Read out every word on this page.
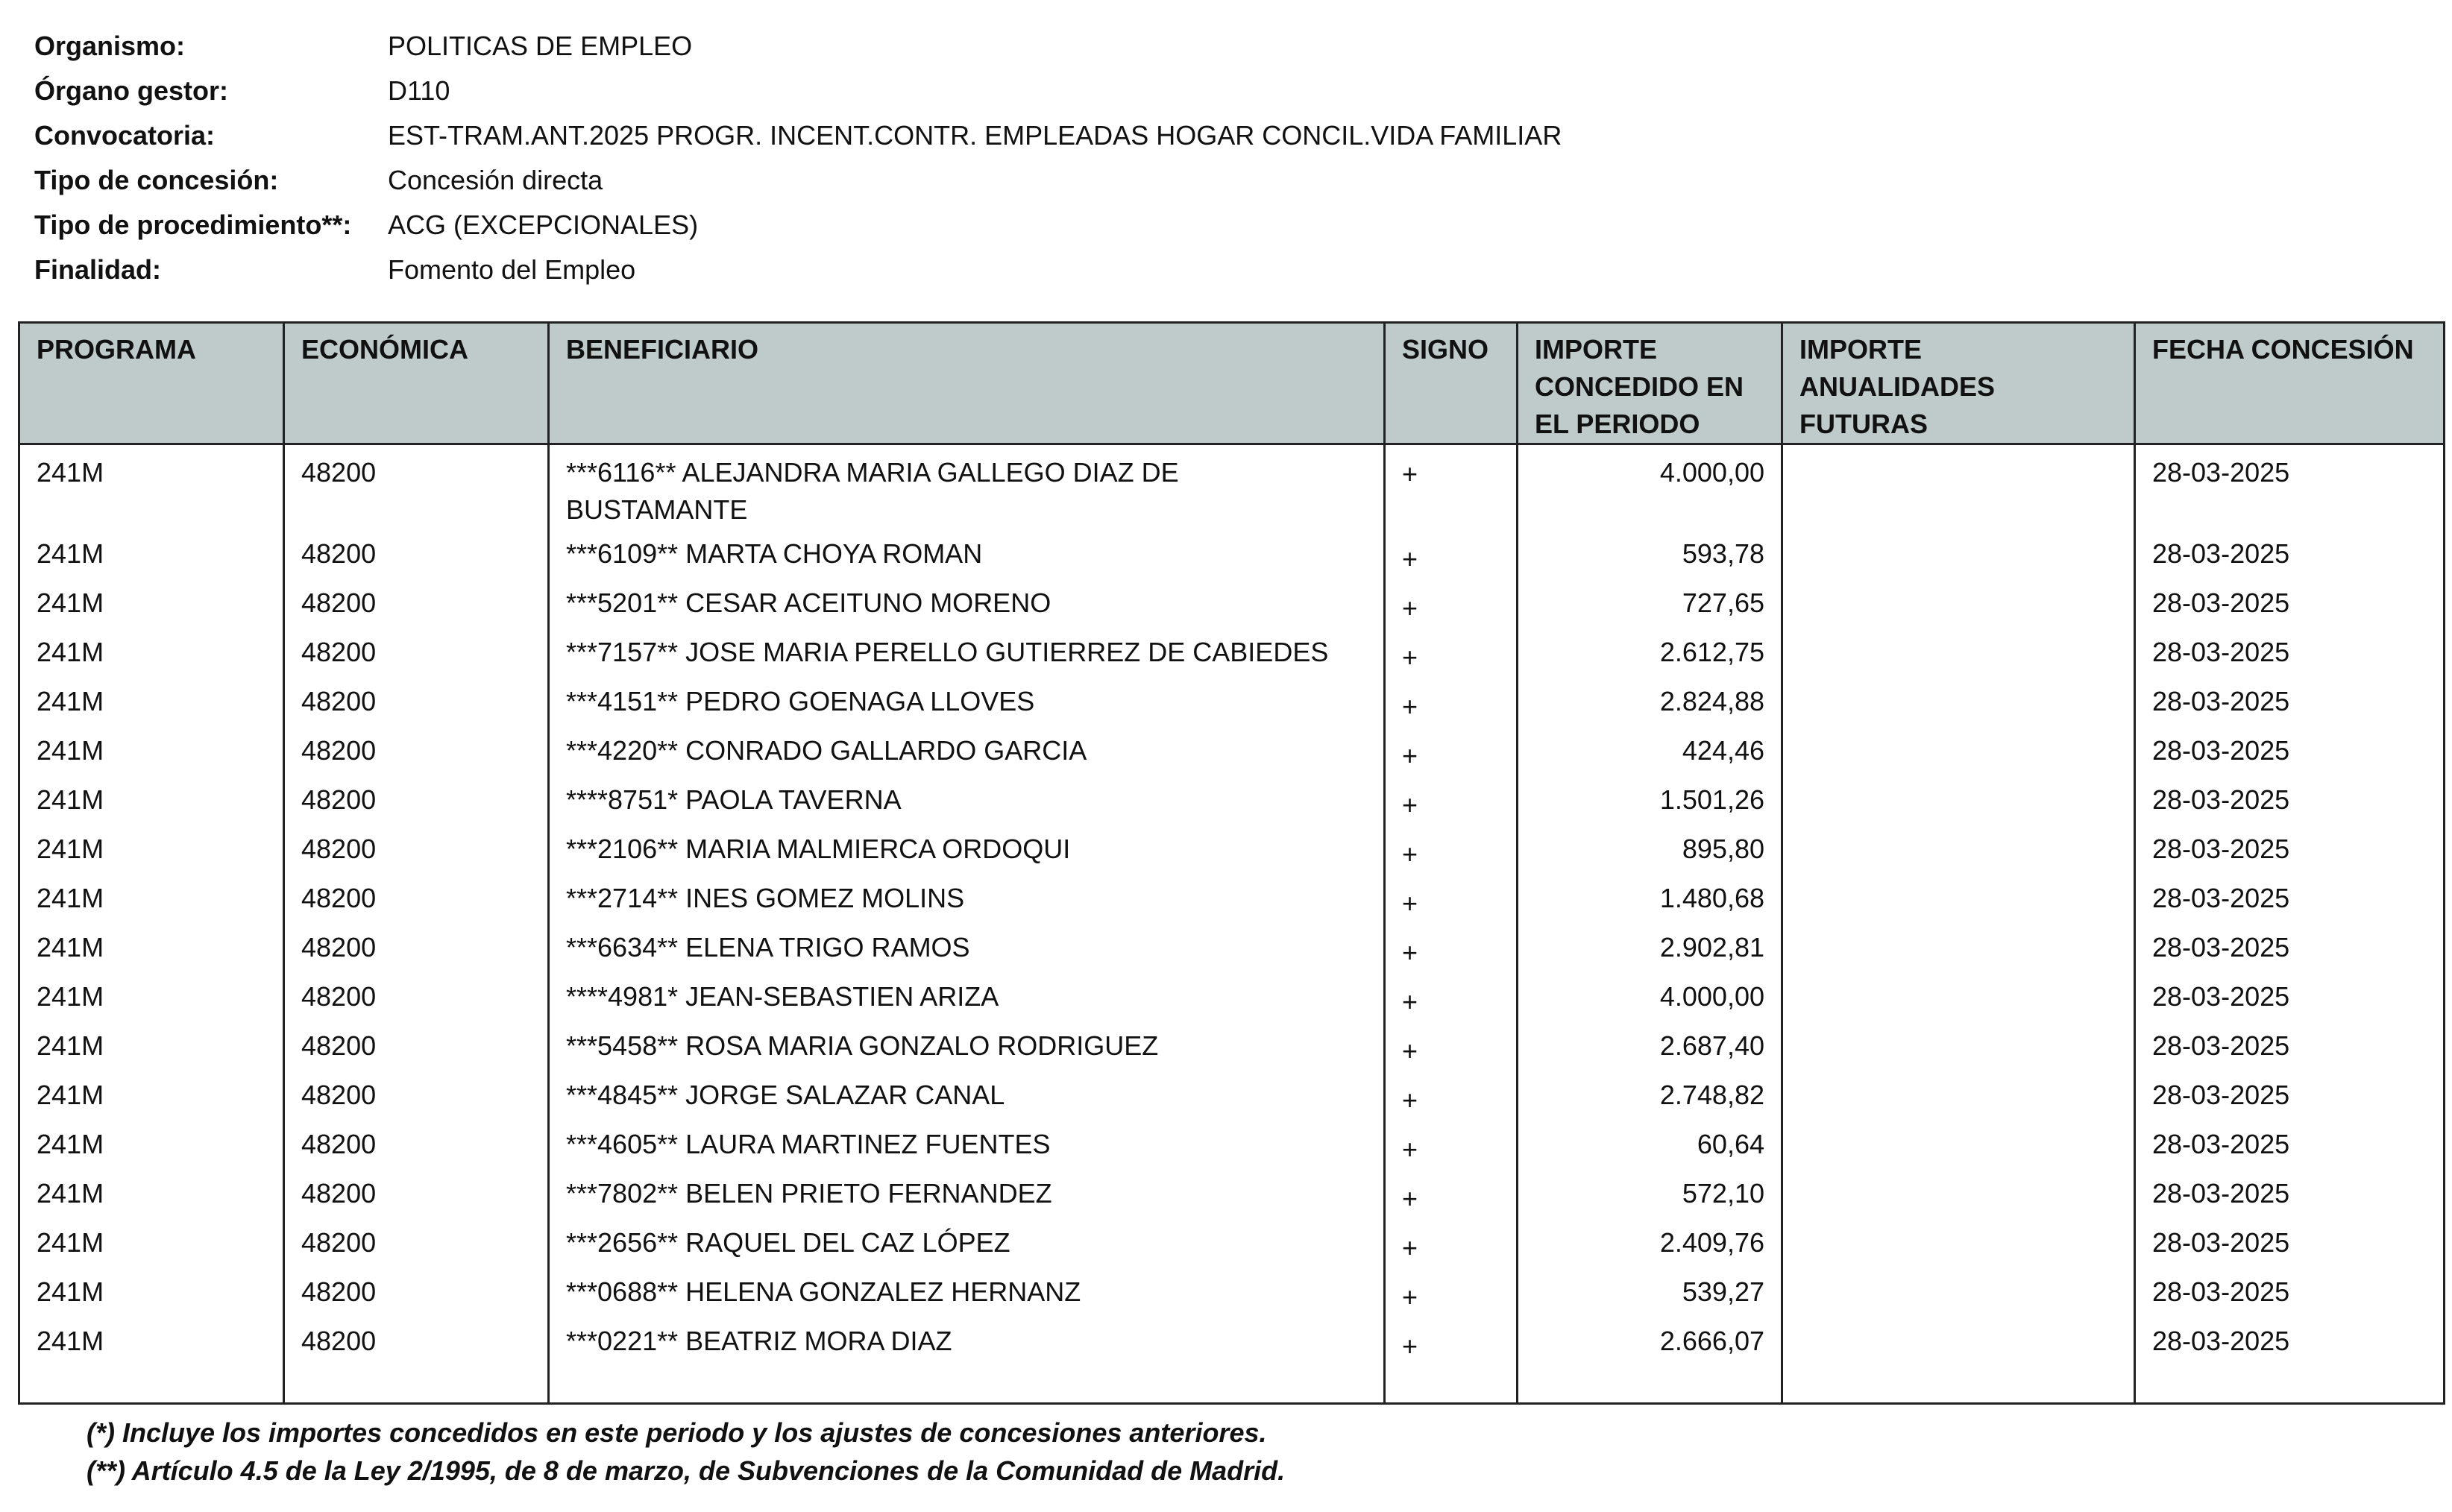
Organismo:	POLITICAS DE EMPLEO
Órgano gestor:	D110
Convocatoria:	EST-TRAM.ANT.2025 PROGR. INCENT.CONTR. EMPLEADAS HOGAR CONCIL.VIDA FAMILIAR
Tipo de concesión:	Concesión directa
Tipo de procedimiento**:	ACG (EXCEPCIONALES)
Finalidad:	Fomento del Empleo
PROGRAMA	ECONÓMICA	BENEFICIARIO	SIGNO	IMPORTE CONCEDIDO EN EL PERIODO	IMPORTE ANUALIDADES FUTURAS	FECHA CONCESIÓN
241M	48200	***6116** ALEJANDRA MARIA GALLEGO DIAZ DE BUSTAMANTE	+	4.000,00		28-03-2025
241M	48200	***6109** MARTA CHOYA ROMAN	+	593,78		28-03-2025
241M	48200	***5201** CESAR ACEITUNO MORENO	+	727,65		28-03-2025
241M	48200	***7157** JOSE MARIA PERELLO GUTIERREZ DE CABIEDES	+	2.612,75		28-03-2025
241M	48200	***4151** PEDRO GOENAGA LLOVES	+	2.824,88		28-03-2025
241M	48200	***4220** CONRADO GALLARDO GARCIA	+	424,46		28-03-2025
241M	48200	****8751* PAOLA TAVERNA	+	1.501,26		28-03-2025
241M	48200	***2106** MARIA MALMIERCA ORDOQUI	+	895,80		28-03-2025
241M	48200	***2714** INES GOMEZ MOLINS	+	1.480,68		28-03-2025
241M	48200	***6634** ELENA TRIGO RAMOS	+	2.902,81		28-03-2025
241M	48200	****4981* JEAN-SEBASTIEN ARIZA	+	4.000,00		28-03-2025
241M	48200	***5458** ROSA MARIA GONZALO RODRIGUEZ	+	2.687,40		28-03-2025
241M	48200	***4845** JORGE SALAZAR CANAL	+	2.748,82		28-03-2025
241M	48200	***4605** LAURA MARTINEZ FUENTES	+	60,64		28-03-2025
241M	48200	***7802** BELEN PRIETO FERNANDEZ	+	572,10		28-03-2025
241M	48200	***2656** RAQUEL DEL CAZ LÓPEZ	+	2.409,76		28-03-2025
241M	48200	***0688** HELENA GONZALEZ HERNANZ	+	539,27		28-03-2025
241M	48200	***0221** BEATRIZ MORA DIAZ	+	2.666,07		28-03-2025
(*) Incluye los importes concedidos en este periodo y los ajustes de concesiones anteriores.
(**) Artículo 4.5 de la Ley 2/1995, de 8 de marzo, de Subvenciones de la Comunidad de Madrid.
